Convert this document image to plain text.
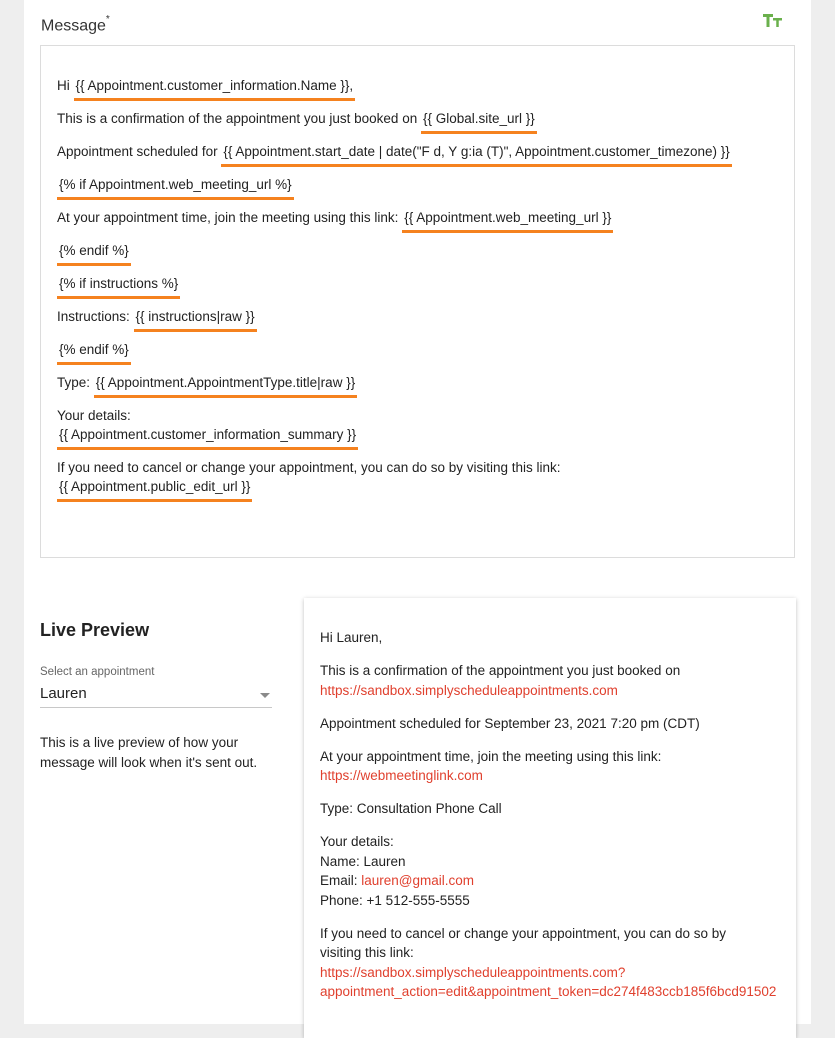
Message*
Hi {{ Appointment.customer_information.Name }},
This is a confirmation of the appointment you just booked on {{ Global.site_url }}
Appointment scheduled for {{ Appointment.start_date | date("F d, Y g:ia (T)", Appointment.customer_timezone) }}
{% if Appointment.web_meeting_url %}
At your appointment time, join the meeting using this link: {{ Appointment.web_meeting_url }}
{% endif %}
{% if instructions %}
Instructions: {{ instructions|raw }}
{% endif %}
Type: {{ Appointment.AppointmentType.title|raw }}
Your details:
{{ Appointment.customer_information_summary }}
If you need to cancel or change your appointment, you can do so by visiting this link:
{{ Appointment.public_edit_url }}
Live Preview
Select an appointment
Lauren
This is a live preview of how your message will look when it's sent out.
Hi Lauren,
This is a confirmation of the appointment you just booked on
https://sandbox.simplyscheduleappointments.com
Appointment scheduled for September 23, 2021 7:20 pm (CDT)
At your appointment time, join the meeting using this link:
https://webmeetinglink.com
Type: Consultation Phone Call
Your details:
Name: Lauren
Email: lauren@gmail.com
Phone: +1 512-555-5555
If you need to cancel or change your appointment, you can do so by
visiting this link:
https://sandbox.simplyscheduleappointments.com?
appointment_action=edit&appointment_token=dc274f483ccb185f6bcd91502
